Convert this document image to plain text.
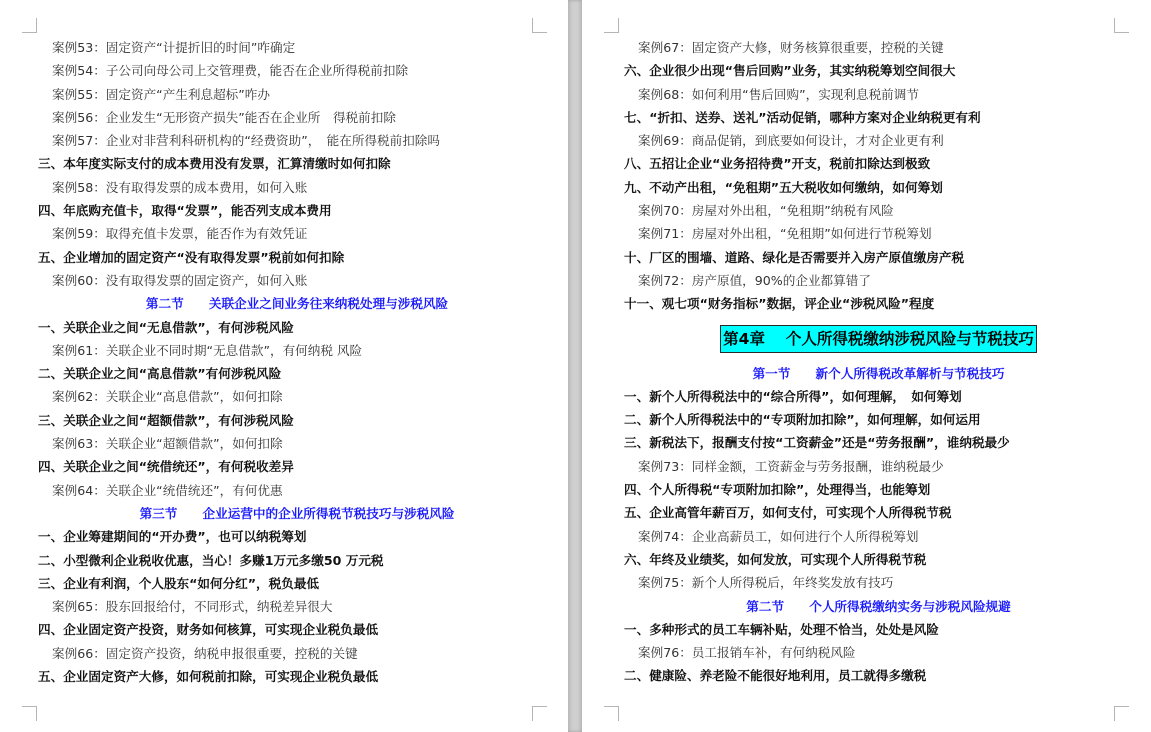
案例53：固定资产“计提折旧的时间”咋确定
案例54：子公司向母公司上交管理费，能否在企业所得税前扣除
案例55：固定资产“产生利息超标”咋办
案例56：企业发生“无形资产损失”能否在企业所　得税前扣除
案例57：企业对非营利科研机构的“经费资助”，　能在所得税前扣除吗
三、本年度实际支付的成本费用没有发票，汇算清缴时如何扣除
案例58：没有取得发票的成本费用，如何入账
四、年底购充值卡，取得“发票”，能否列支成本费用
案例59：取得充值卡发票，能否作为有效凭证
五、企业增加的固定资产“没有取得发票”税前如何扣除
案例60：没有取得发票的固定资产，如何入账
第二节　　关联企业之间业务往来纳税处理与涉税风险
一、关联企业之间“无息借款”，有何涉税风险
案例61：关联企业不同时期“无息借款”，有何纳税 风险
二、关联企业之间“高息借款”有何涉税风险
案例62：关联企业“高息借款”，如何扣除
三、关联企业之间“超额借款”，有何涉税风险
案例63：关联企业“超额借款”，如何扣除
四、关联企业之间“统借统还”，有何税收差异
案例64：关联企业“统借统还”，有何优惠
第三节　　企业运营中的企业所得税节税技巧与涉税风险
一、企业筹建期间的“开办费”，也可以纳税筹划
二、小型微利企业税收优惠，当心！多赚1万元多缴50 万元税
三、企业有利润，个人股东“如何分红”，税负最低
案例65：股东回报给付，不同形式，纳税差异很大
四、企业固定资产投资，财务如何核算，可实现企业税负最低
案例66：固定资产投资，纳税申报很重要，控税的关键
五、企业固定资产大修，如何税前扣除，可实现企业税负最低
案例67：固定资产大修，财务核算很重要，控税的关键
六、企业很少出现“售后回购”业务，其实纳税筹划空间很大
案例68：如何利用“售后回购”，实现利息税前调节
七、“折扣、送券、送礼”活动促销，哪种方案对企业纳税更有利
案例69：商品促销，到底要如何设计，才对企业更有利
八、五招让企业“业务招待费”开支，税前扣除达到极致
九、不动产出租，“免租期”五大税收如何缴纳，如何筹划
案例70：房屋对外出租，“免租期”纳税有风险
案例71：房屋对外出租，“免租期”如何进行节税筹划
十、厂区的围墙、道路、绿化是否需要并入房产原值缴房产税
案例72：房产原值，90%的企业都算错了
十一、观七项“财务指标”数据，评企业“涉税风险”程度
第4章　 个人所得税缴纳涉税风险与节税技巧
第一节　　新个人所得税改革解析与节税技巧
一、新个人所得税法中的“综合所得”，如何理解，　如何筹划
二、新个人所得税法中的“专项附加扣除”，如何理解，如何运用
三、新税法下，报酬支付按“工资薪金”还是“劳务报酬”，谁纳税最少
案例73：同样金额，工资薪金与劳务报酬，谁纳税最少
四、个人所得税“专项附加扣除”，处理得当，也能筹划
五、企业高管年薪百万，如何支付，可实现个人所得税节税
案例74：企业高薪员工，如何进行个人所得税筹划
六、年终及业绩奖，如何发放，可实现个人所得税节税
案例75：新个人所得税后，年终奖发放有技巧
第二节　　个人所得税缴纳实务与涉税风险规避
一、多种形式的员工车辆补贴，处理不恰当，处处是风险
案例76：员工报销车补，有何纳税风险
二、健康险、养老险不能很好地利用，员工就得多缴税
